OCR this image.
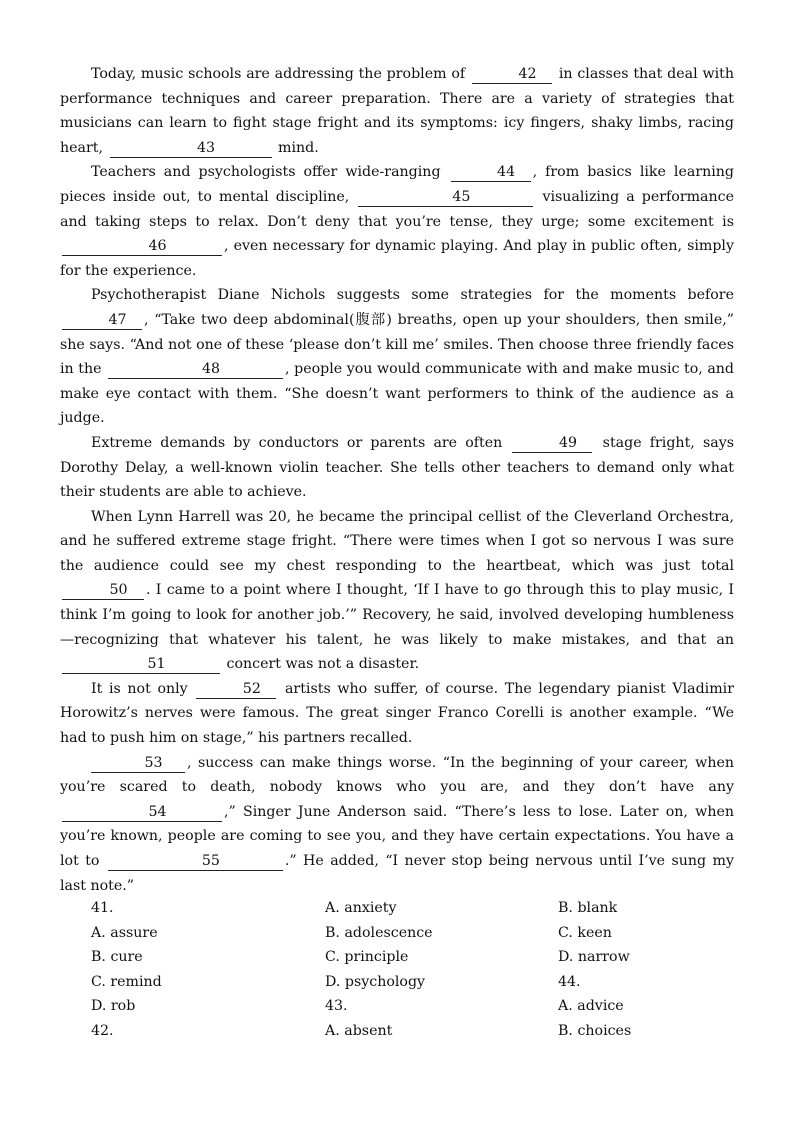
Today, music schools are addressing the problem of	42 in classes that deal with performance techniques and career preparation. There are a variety of strategies that musicians can learn to fight stage fright and its symptoms: icy fingers, shaky limbs, racing heart,	43	mind.

Teachers and psychologists offer wide-ranging	44 , from basics like learning pieces inside out, to mental discipline,	45	visualizing a performance and taking steps to relax. Don’t deny that you’re tense, they urge; some excitement is 46	, even necessary for dynamic playing. And play in public often, simply for the experience.

Psychotherapist Diane Nichols suggests some strategies for the moments before 47 , “Take two deep abdominal(腹部) breaths, open up your shoulders, then smile,” she says. “And not one of these ‘please don’t kill me’ smiles. Then choose three friendly faces in the	48	, people you would communicate with and make music to, and make eye contact with them. “She doesn’t want performers to think of the audience as a judge.

Extreme demands by conductors or parents are often	49 stage fright, says Dorothy Delay, a well-known violin teacher. She tells other teachers to demand only what their students are able to achieve.

When Lynn Harrell was 20, he became the principal cellist of the Cleverland Orchestra, and he suffered extreme stage fright. “There were times when I got so nervous I was sure the audience could see my chest responding to the heartbeat, which was just total 50 . I came to a point where I thought, ‘If I have to go through this to play music, I think I’m going to look for another job.’” Recovery, he said, involved developing humbleness—recognizing that whatever his talent, he was likely to make mistakes, and that an 51	concert was not a disaster.

It is not only	52 artists who suffer, of course. The legendary pianist Vladimir Horowitz’s nerves were famous. The great singer Franco Corelli is another example. “We had to push him on stage,” his partners recalled.

53 , success can make things worse. “In the beginning of your career, when you’re scared to death, nobody knows who you are, and they don’t have any 54	,” Singer June Anderson said. “There’s less to lose. Later on, when you’re known, people are coming to see you, and they have certain expectations. You have a lot to	55	.” He added, “I never stop being nervous until I’ve sung my last note.”

41.	A. anxiety	B. blank
A. assure	B. adolescence	C. keen
B. cure	C. principle	D. narrow
C. remind	D. psychology	44.
D. rob	43.	A. advice
42.	A. absent	B. choices
